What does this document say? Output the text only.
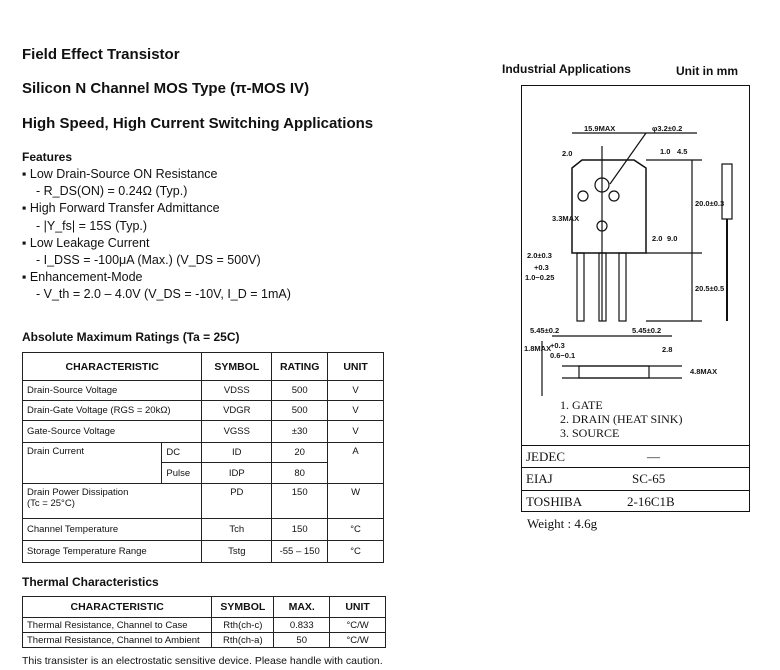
Field Effect Transistor
Silicon N Channel MOS Type (π-MOS IV)
High Speed, High Current Switching Applications
Features
▪ Low Drain-Source ON Resistance
- R_DS(ON) = 0.24Ω (Typ.)
▪ High Forward Transfer Admittance
- |Y_fs| = 15S (Typ.)
▪ Low Leakage Current
- I_DSS = -100μA (Max.) (V_DS = 500V)
▪ Enhancement-Mode
- V_th = 2.0 – 4.0V (V_DS = -10V, I_D = 1mA)
Absolute Maximum Ratings (Ta = 25C)
CHARACTERISTIC		SYMBOL	RATING	UNIT
Drain-Source Voltage		VDSS	500	V
Drain-Gate Voltage (RGS = 20kΩ)		VDGR	500	V
Gate-Source Voltage		VGSS	±30	V
Drain Current	DC	ID	20	A
	Pulse	IDP	80	

Drain Power Dissipation
(Tc = 25°C)		PD	150	W
Channel Temperature		Tch	150	°C
Storage Temperature Range		Tstg	-55 – 150	°C
Thermal Characteristics
CHARACTERISTIC	SYMBOL	MAX.	UNIT
Thermal Resistance, Channel to Case	Rth(ch-c)	0.833	°C/W
Thermal Resistance, Channel to Ambient	Rth(ch-a)	50	°C/W
This transister is an electrostatic sensitive device. Please handle with caution.
Industrial Applications	Unit in mm
15.9MAX	φ3.2±0.2
2.0	1.0 4.5
3.3MAX
20.0±0.3
2.0 9.0
2.0±0.3
+0.3
1.0−0.25
20.5±0.5
5.45±0.2	5.45±0.2
1.8MAX
+0.3
0.6−0.1
2.8
4.8MAX
1. GATE
2. DRAIN (HEAT SINK)
3. SOURCE
JEDEC	—
EIAJ	SC-65
TOSHIBA	2-16C1B
Weight : 4.6g
